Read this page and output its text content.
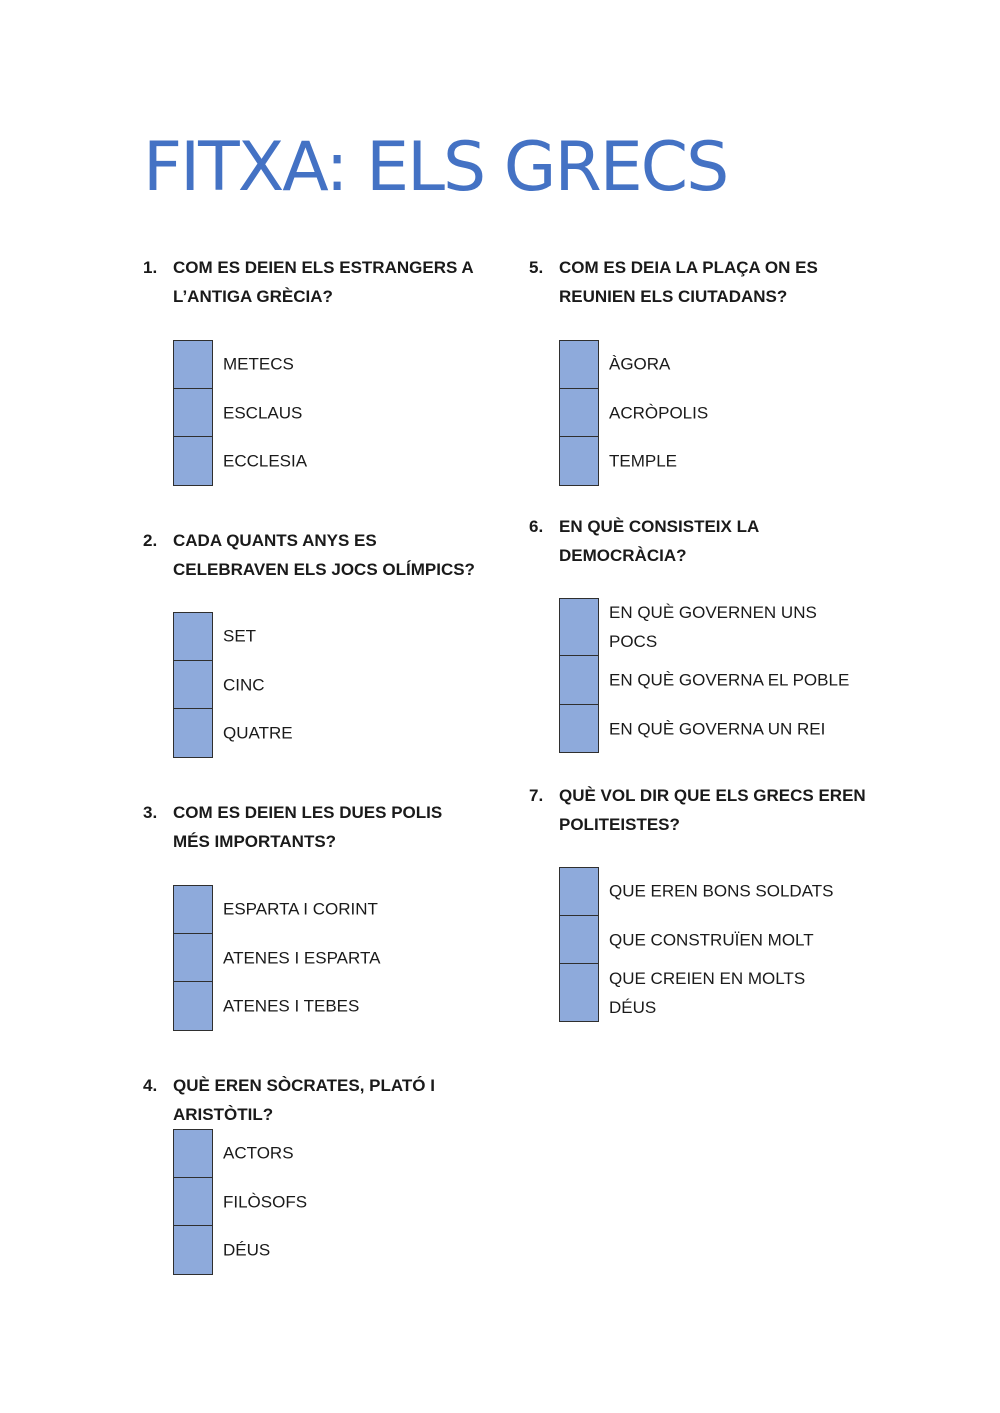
FITXA: ELS GRECS
1. COM ES DEIEN ELS ESTRANGERS A L’ANTIGA GRÈCIA?
METECS
ESCLAUS
ECCLESIA
2. CADA QUANTS ANYS ES CELEBRAVEN ELS JOCS OLÍMPICS?
SET
CINC
QUATRE
3. COM ES DEIEN LES DUES POLIS MÉS IMPORTANTS?
ESPARTA I CORINT
ATENES I ESPARTA
ATENES I TEBES
4. QUÈ EREN SÒCRATES, PLATÓ I ARISTÒTIL?
ACTORS
FILÒSOFS
DÉUS
5. COM ES DEIA LA PLAÇA ON ES REUNIEN ELS CIUTADANS?
ÀGORA
ACRÒPOLIS
TEMPLE
6. EN QUÈ CONSISTEIX LA DEMOCRÀCIA?
EN QUÈ GOVERNEN UNS POCS
EN QUÈ GOVERNA EL POBLE
EN QUÈ GOVERNA UN REI
7. QUÈ VOL DIR QUE ELS GRECS EREN POLITEISTES?
QUE EREN BONS SOLDATS
QUE CONSTRUÏEN MOLT
QUE CREIEN EN MOLTS DÉUS
